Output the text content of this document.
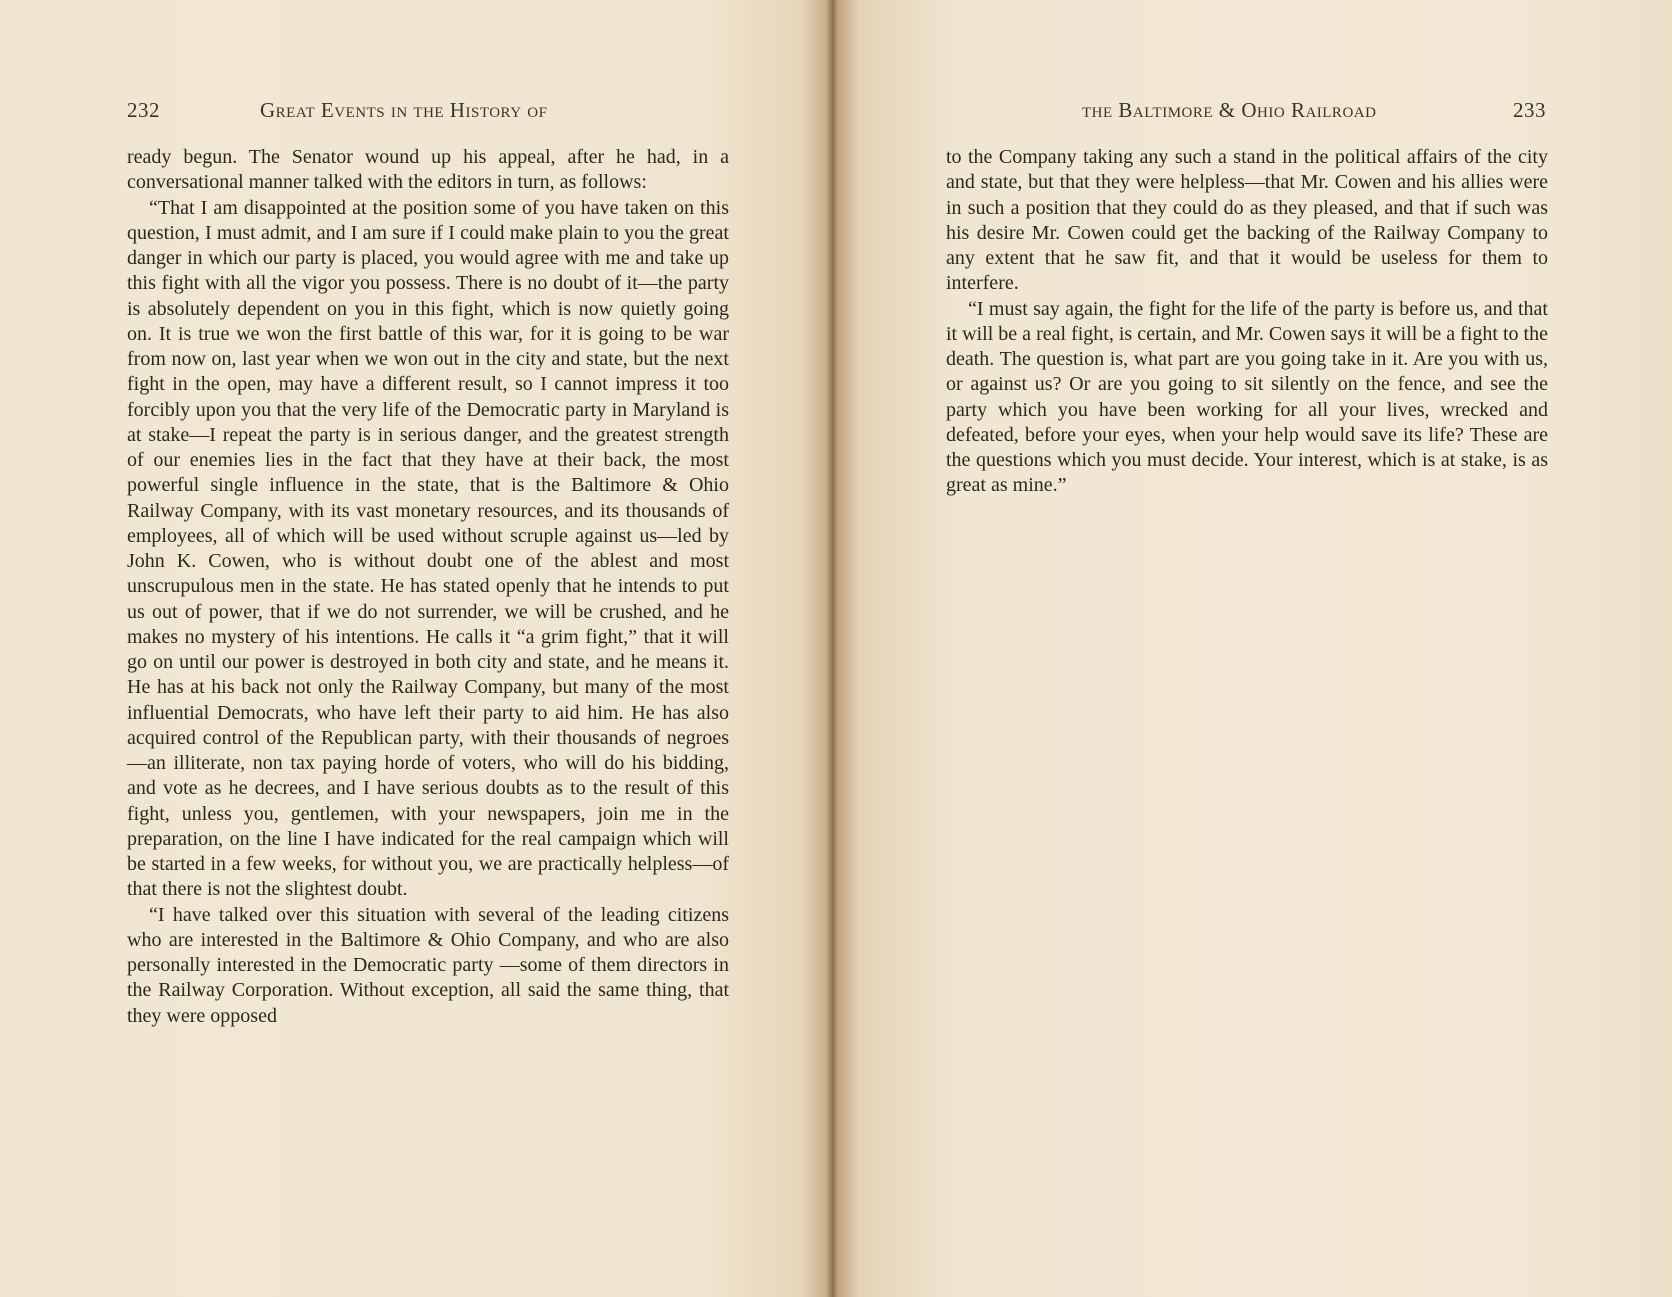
232	Great Events in the History of

ready begun. The Senator wound up his appeal, after he had, in a conversational manner talked with the editors in turn, as follows:

“That I am disappointed at the position some of you have taken on this question, I must admit, and I am sure if I could make plain to you the great danger in which our party is placed, you would agree with me and take up this fight with all the vigor you possess. There is no doubt of it—the party is absolutely dependent on you in this fight, which is now quietly going on. It is true we won the first battle of this war, for it is going to be war from now on, last year when we won out in the city and state, but the next fight in the open, may have a different result, so I cannot impress it too forcibly upon you that the very life of the Democratic party in Maryland is at stake—I repeat the party is in serious danger, and the greatest strength of our enemies lies in the fact that they have at their back, the most powerful single influence in the state, that is the Baltimore & Ohio Railway Company, with its vast monetary resources, and its thousands of employees, all of which will be used without scruple against us—led by John K. Cowen, who is without doubt one of the ablest and most unscrupulous men in the state. He has stated openly that he intends to put us out of power, that if we do not surrender, we will be crushed, and he makes no mystery of his intentions. He calls it “a grim fight,” that it will go on until our power is destroyed in both city and state, and he means it. He has at his back not only the Railway Company, but many of the most influential Democrats, who have left their party to aid him. He has also acquired control of the Republican party, with their thousands of negroes—an illiterate, non tax paying horde of voters, who will do his bidding, and vote as he decrees, and I have serious doubts as to the result of this fight, unless you, gentlemen, with your newspapers, join me in the preparation, on the line I have indicated for the real campaign which will be started in a few weeks, for without you, we are practically helpless—of that there is not the slightest doubt.

“I have talked over this situation with several of the leading citizens who are interested in the Baltimore & Ohio Company, and who are also personally interested in the Democratic party —some of them directors in the Railway Corporation. Without exception, all said the same thing, that they were opposed

the Baltimore & Ohio Railroad	233

to the Company taking any such a stand in the political affairs of the city and state, but that they were helpless—that Mr. Cowen and his allies were in such a position that they could do as they pleased, and that if such was his desire Mr. Cowen could get the backing of the Railway Company to any extent that he saw fit, and that it would be useless for them to interfere.

“I must say again, the fight for the life of the party is before us, and that it will be a real fight, is certain, and Mr. Cowen says it will be a fight to the death. The question is, what part are you going take in it. Are you with us, or against us? Or are you going to sit silently on the fence, and see the party which you have been working for all your lives, wrecked and defeated, before your eyes, when your help would save its life? These are the questions which you must decide. Your interest, which is at stake, is as great as mine.”
